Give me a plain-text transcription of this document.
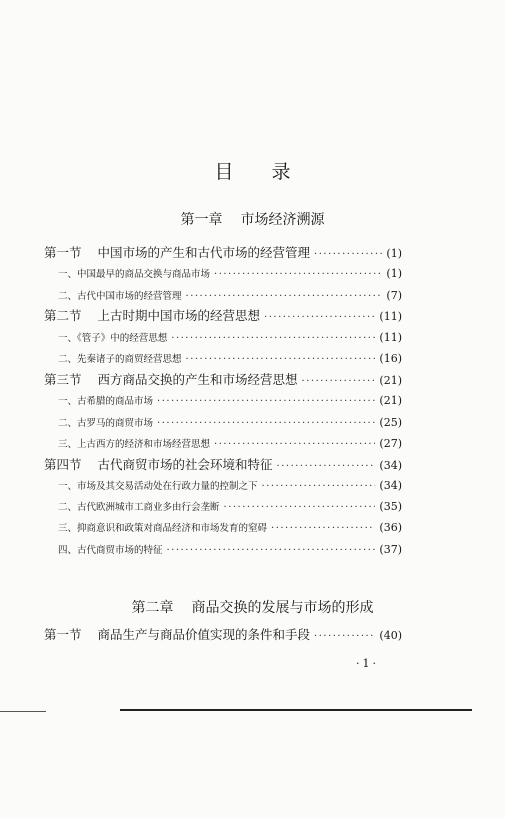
目录
第一章 市场经济溯源
第一节 中国市场的产生和古代市场的经营管理 ·····	(1)
一、中国最早的商品交换与商品市场 ·····	(1)
二、古代中国市场的经营管理 ·····	(7)
第二节 上古时期中国市场的经营思想 ·····	(11)
一、《管子》中的经营思想 ·····	(11)
二、先秦诸子的商贸经营思想 ·····	(16)
第三节 西方商品交换的产生和市场经营思想 ·····	(21)
一、古希腊的商品市场 ·····	(21)
二、古罗马的商贸市场 ·····	(25)
三、上古西方的经济和市场经营思想 ·····	(27)
第四节 古代商贸市场的社会环境和特征 ·····	(34)
一、市场及其交易活动处在行政力量的控制之下 ·····	(34)
二、古代欧洲城市工商业多由行会垄断 ·····	(35)
三、抑商意识和政策对商品经济和市场发育的窒碍 ·····	(36)
四、古代商贸市场的特征 ·····	(37)
第二章 商品交换的发展与市场的形成
第一节 商品生产与商品价值实现的条件和手段 ·····	(40)
·1·
